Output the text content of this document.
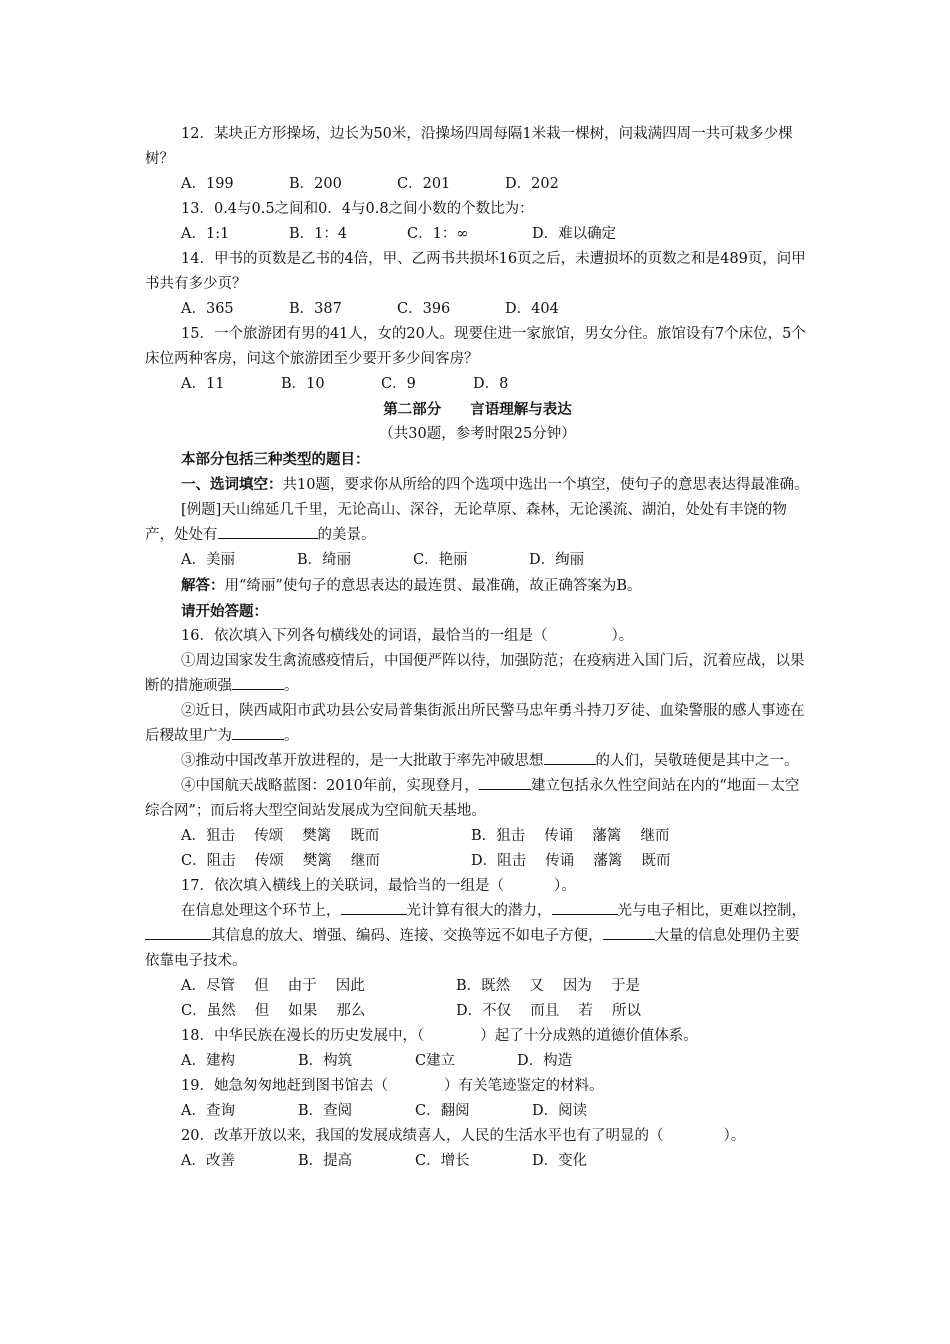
12．某块正方形操场，边长为50米，沿操场四周每隔1米栽一棵树，问栽满四周一共可栽多少棵树？

A．199	B．200	C．201	D．202

13．0.4与0.5之间和0．4与0.8之间小数的个数比为：

A．1:1	B．1：4	C．1：∞	D．难以确定

14．甲书的页数是乙书的4倍，甲、乙两书共损坏16页之后，未遭损坏的页数之和是489页，问甲书共有多少页？

A．365	B．387	C．396	D．404

15．一个旅游团有男的41人，女的20人。现要住进一家旅馆，男女分住。旅馆设有7个床位，5个床位两种客房，问这个旅游团至少要开多少间客房？

A．11	B．10	C．9	D．8

第二部分　　言语理解与表达

（共30题，参考时限25分钟）

本部分包括三种类型的题目：

一、选词填空：共10题，要求你从所给的四个选项中选出一个填空，使句子的意思表达得最准确。

[例题]天山绵延几千里，无论高山、深谷，无论草原、森林，无论溪流、湖泊，处处有丰饶的物产，处处有	的美景。

A．美丽	B．绮丽	C．艳丽	D．绚丽

解答：用“绮丽”使句子的意思表达的最连贯、最准确，故正确答案为B。

请开始答题：

16．依次填入下列各句横线处的词语，最恰当的一组是（	）。

①周边国家发生禽流感疫情后，中国便严阵以待，加强防范；在疫病进入国门后，沉着应战，以果断的措施顽强	。

②近日，陕西咸阳市武功县公安局普集街派出所民警马忠年勇斗持刀歹徒、血染警服的感人事迹在后稷故里广为	。

③推动中国改革开放进程的，是一大批敢于率先冲破思想	的人们，吴敬琏便是其中之一。

④中国航天战略蓝图：2010年前，实现登月，	建立包括永久性空间站在内的“地面－太空综合网”；而后将大型空间站发展成为空间航天基地。

A．狙击　 传颂　 樊篱　 既而	B．狙击　 传诵　 藩篱　 继而

C．阻击　 传颂　 樊篱　 继而	D．阻击　 传诵　 藩篱　 既而

17．依次填入横线上的关联词，最恰当的一组是（	）。

在信息处理这个环节上，	光计算有很大的潜力，	光与电子相比，更难以控制，其信息的放大、增强、编码、连接、交换等远不如电子方便，	大量的信息处理仍主要依靠电子技术。

A．尽管　 但　 由于　 因此	B．既然　 又　 因为　 于是

C．虽然　 但　 如果　 那么	D．不仅　 而且　 若　 所以

18．中华民族在漫长的历史发展中，（	）起了十分成熟的道德价值体系。

A．建构	B．构筑	C建立	D．构造

19．她急匆匆地赶到图书馆去（	）有关笔迹鉴定的材料。

A．查询	B．查阅	C．翻阅	D．阅读

20．改革开放以来，我国的发展成绩喜人，人民的生活水平也有了明显的（	）。

A．改善	B．提高	C．增长	D．变化
